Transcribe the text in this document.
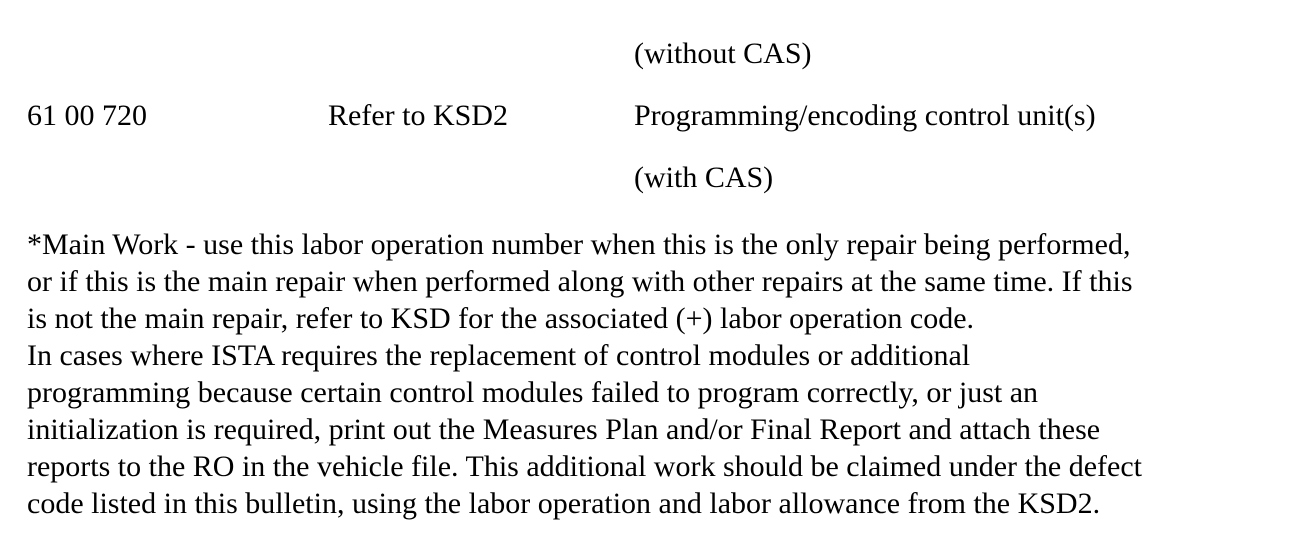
(without CAS)
61 00 720	Refer to KSD2	Programming/encoding control unit(s)
(with CAS)
*Main Work - use this labor operation number when this is the only repair being performed,
or if this is the main repair when performed along with other repairs at the same time. If this
is not the main repair, refer to KSD for the associated (+) labor operation code.
In cases where ISTA requires the replacement of control modules or additional
programming because certain control modules failed to program correctly, or just an
initialization is required, print out the Measures Plan and/or Final Report and attach these
reports to the RO in the vehicle file. This additional work should be claimed under the defect
code listed in this bulletin, using the labor operation and labor allowance from the KSD2.
